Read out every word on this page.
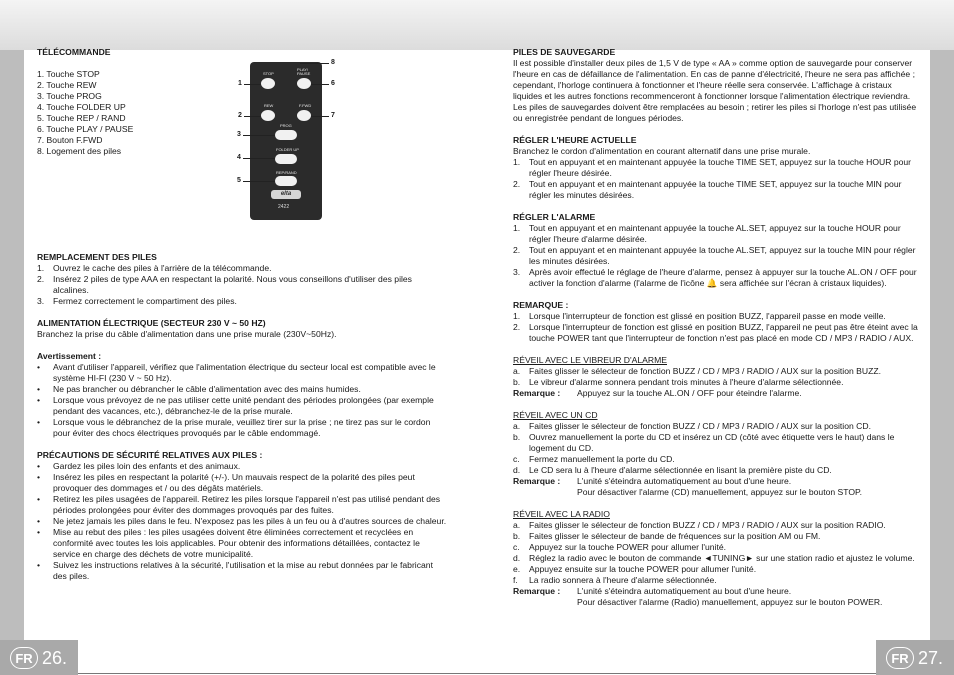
FR 26.	FR 27.
TÉLÉCOMMANDE
1. Touche STOP
2. Touche REW
3. Touche PROG
4. Touche FOLDER UP
5. Touche REP / RAND
6. Touche PLAY / PAUSE
7. Bouton F.FWD
8. Logement des piles
REMPLACEMENT DES PILES
1.	Ouvrez le cache des piles à l'arrière de la télécommande.
2.	Insérez 2 piles de type AAA en respectant la polarité. Nous vous conseillons d'utiliser des piles alcalines.
3.	Fermez correctement le compartiment des piles.
ALIMENTATION ÉLECTRIQUE (SECTEUR 230 V ~ 50 HZ)
Branchez la prise du câble d'alimentation dans une prise murale (230V~50Hz).
Avertissement :
•	Avant d'utiliser l'appareil, vérifiez que l'alimentation électrique du secteur local est compatible avec le système HI-FI (230 V ~ 50 Hz).
•	Ne pas brancher ou débrancher le câble d'alimentation avec des mains humides.
•	Lorsque vous prévoyez de ne pas utiliser cette unité pendant des périodes prolongées (par exemple pendant des vacances, etc.), débranchez-le de la prise murale.
•	Lorsque vous le débranchez de la prise murale, veuillez tirer sur la prise ; ne tirez pas sur le cordon pour éviter des chocs électriques provoqués par le câble endommagé.
PRÉCAUTIONS DE SÉCURITÉ RELATIVES AUX PILES :
•	Gardez les piles loin des enfants et des animaux.
•	Insérez les piles en respectant la polarité (+/-). Un mauvais respect de la polarité des piles peut provoquer des dommages et / ou des dégâts matériels.
•	Retirez les piles usagées de l'appareil. Retirez les piles lorsque l'appareil n'est pas utilisé pendant des périodes prolongées pour éviter des dommages provoqués par des fuites.
•	Ne jetez jamais les piles dans le feu. N'exposez pas les piles à un feu ou à d'autres sources de chaleur.
•	Mise au rebut des piles : les piles usagées doivent être éliminées correctement et recyclées en conformité avec toutes les lois applicables. Pour obtenir des informations détaillées, contactez le service en charge des déchets de votre municipalité.
•	Suivez les instructions relatives à la sécurité, l'utilisation et la mise au rebut données par le fabricant des piles.
STOP
PLAY/
PAUSE
REW	F.FWD
PROG
FOLDER UP
REP/RAND
elta
2422
1
2
3
4
5
6
7
8
PILES DE SAUVEGARDE
Il est possible d'installer deux piles de 1,5 V de type « AA » comme option de sauvegarde pour conserver l'heure en cas de défaillance de l'alimentation. En cas de panne d'électricité, l'heure ne sera pas affichée ; cependant, l'horloge continuera à fonctionner et l'heure réelle sera conservée. L'affichage à cristaux liquides et les autres fonctions recommenceront à fonctionner lorsque l'alimentation électrique reviendra. Les piles de sauvegardes doivent être remplacées au besoin ; retirer les piles si l'horloge n'est pas utilisée ou enregistrée pendant de longues périodes.
RÉGLER L'HEURE ACTUELLE
Branchez le cordon d'alimentation en courant alternatif dans une prise murale.
1.	Tout en appuyant et en maintenant appuyée la touche TIME SET, appuyez sur la touche HOUR pour régler l'heure désirée.
2.	Tout en appuyant et en maintenant appuyée la touche TIME SET, appuyez sur la touche MIN pour régler les minutes désirées.
RÉGLER L'ALARME
1.	Tout en appuyant et en maintenant appuyée la touche AL.SET, appuyez sur la touche HOUR pour régler l'heure d'alarme désirée.
2.	Tout en appuyant et en maintenant appuyée la touche AL.SET, appuyez sur la touche MIN pour régler les minutes désirées.
3.	Après avoir effectué le réglage de l'heure d'alarme, pensez à appuyer sur la touche AL.ON / OFF pour activer la fonction d'alarme (l'alarme de l'icône 🔔 sera affichée sur l'écran à cristaux liquides).
REMARQUE :
1.	Lorsque l'interrupteur de fonction est glissé en position BUZZ, l'appareil passe en mode veille.
2.	Lorsque l'interrupteur de fonction est glissé en position BUZZ, l'appareil ne peut pas être éteint avec la touche POWER tant que l'interrupteur de fonction n'est pas placé en mode CD / MP3 / RADIO / AUX.
RÉVEIL AVEC LE VIBREUR D'ALARME
a.	Faites glisser le sélecteur de fonction BUZZ / CD / MP3 / RADIO / AUX sur la position BUZZ.
b.	Le vibreur d'alarme sonnera pendant trois minutes à l'heure d'alarme sélectionnée.
Remarque :	Appuyez sur la touche AL.ON / OFF pour éteindre l'alarme.
RÉVEIL AVEC UN CD
a.	Faites glisser le sélecteur de fonction BUZZ / CD / MP3 / RADIO / AUX sur la position CD.
b.	Ouvrez manuellement la porte du CD et insérez un CD (côté avec étiquette vers le haut) dans le logement du CD.
c.	Fermez manuellement la porte du CD.
d.	Le CD sera lu à l'heure d'alarme sélectionnée en lisant la première piste du CD.
Remarque :	L'unité s'éteindra automatiquement au bout d'une heure.
Pour désactiver l'alarme (CD) manuellement, appuyez sur le bouton STOP.
RÉVEIL AVEC LA RADIO
a.	Faites glisser le sélecteur de fonction BUZZ / CD / MP3 / RADIO / AUX sur la position RADIO.
b.	Faites glisser le sélecteur de bande de fréquences sur la position AM ou FM.
c.	Appuyez sur la touche POWER pour allumer l'unité.
d.	Réglez la radio avec le bouton de commande ◄TUNING► sur une station radio et ajustez le volume.
e.	Appuyez ensuite sur la touche POWER pour allumer l'unité.
f.	La radio sonnera à l'heure d'alarme sélectionnée.
Remarque :	L'unité s'éteindra automatiquement au bout d'une heure.
Pour désactiver l'alarme (Radio) manuellement, appuyez sur le bouton POWER.
